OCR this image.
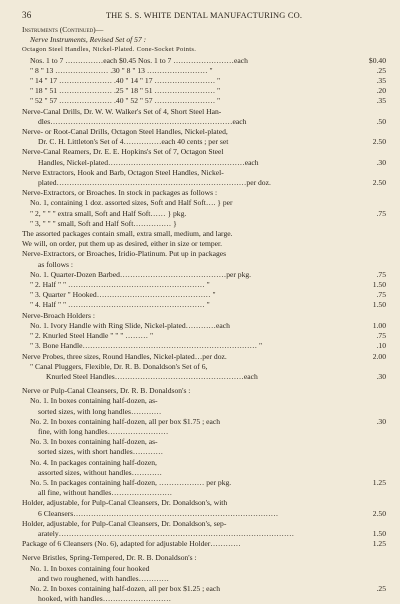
36	THE S. S. WHITE DENTAL MANUFACTURING CO.
Instruments (Continued)—
Nerve Instruments, Revised Set of 57 :
Octagon Steel Handles, Nickel-Plated. Cone-Socket Points.
Nos. 1 to 7 ……………each $0.45 Nos. 1 to 7 ……………………each	$0.40
" 8 " 13 ………………… .30 " 8 " 13 …………………… "	.25
" 14 " 17 ………………… .40 " 14 " 17 …………………… "	.35
" 18 " 51 ………………… .25 " 18 " 51 …………………… "	.20
" 52 " 57 ………………… .40 " 52 " 57 …………………… "	.35
Nerve-Canal Drills, Dr. W. W. Walker's Set of 4, Short Steel Han-
dles………………………………………………………………each	.50
Nerve- or Root-Canal Drills, Octagon Steel Handles, Nickel-plated,
Dr. C. H. Littleton's Set of 4……………each 40 cents ; per set	2.50
Nerve-Canal Reamers, Dr. E. E. Hopkins's Set of 7, Octagon Steel
Handles, Nickel-plated………………………………………………each	.30
Nerve Extractors, Hook and Barb, Octagon Steel Handles, Nickel-
plated…………………………………………………………………per doz.	2.50
Nerve-Extractors, or Broaches. In stock in packages as follows :
No. 1, containing 1 doz. assorted sizes, Soft and Half Soft…. } per
" 2, " " " extra small, Soft and Half Soft…… } pkg.	.75
" 3, " " " small, Soft and Half Soft…………… }
The assorted packages contain small, extra small, medium, and large.
We will, on order, put them up as desired, either in size or temper.
Nerve-Extractors, or Broaches, Iridio-Platinum. Put up in packages
as follows :
No. 1. Quarter-Dozen Barbed……………………………………per pkg.	.75
" 2. Half " " ……………………………………………… "	1.50
" 3. Quarter " Hooked……………………………………… "	.75
" 4. Half " " ……………………………………………… "	1.50
Nerve-Broach Holders :
No. 1. Ivory Handle with Ring Slide, Nickel-plated…………each	1.00
" 2. Knurled Steel Handle " " " ……… "	.75
" 3. Bone Handle…………………………………………………………… "	.10
Nerve Probes, three sizes, Round Handles, Nickel-plated…per doz.	2.00
" Canal Pluggers, Flexible, Dr. R. B. Donaldson's Set of 6,
Knurled Steel Handles……………………………………………each	.30
Nerve or Pulp-Canal Cleansers, Dr. R. B. Donaldson's :
No. 1. In boxes containing half-dozen, as-
sorted sizes, with long handles…………
No. 2. In boxes containing half-dozen, all per box $1.75 ; each	.30
fine, with long handles……………………
No. 3. In boxes containing half-dozen, as-
sorted sizes, with short handles…………
No. 4. In packages containing half-dozen,
assorted sizes, without handles…………
No. 5. In packages containing half-dozen, ……………… per pkg.	1.25
all fine, without handles……………………
Holder, adjustable, for Pulp-Canal Cleansers, Dr. Donaldson's, with
6 Cleansers………………………………………………………………………	2.50
Holder, adjustable, for Pulp-Canal Cleansers, Dr. Donaldson's, sep-
arately…………………………………………………………………………………	1.50
Package of 6 Cleansers (No. 6), adapted for adjustable Holder…………	1.25
Nerve Bristles, Spring-Tempered, Dr. R. B. Donaldson's :
No. 1. In boxes containing four hooked
and two roughened, with handles…………
No. 2. In boxes containing half-dozen, all per box $1.25 ; each	.25
hooked, with handles………………………
